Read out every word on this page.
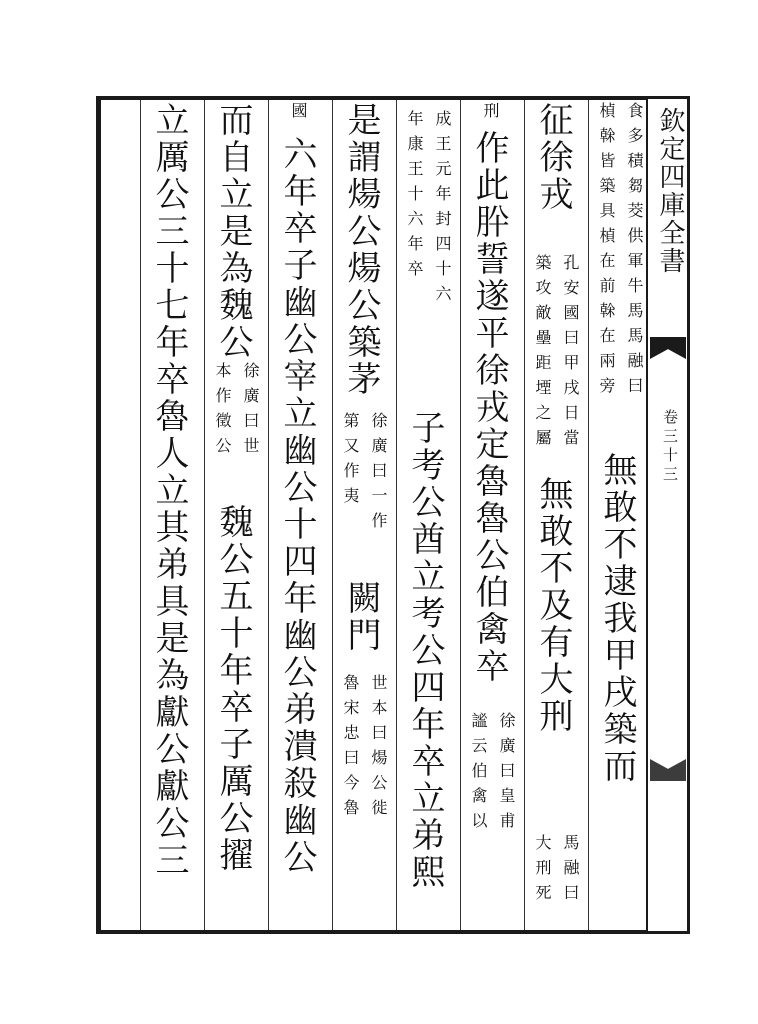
欽定四庫全書
卷三十三
食多積芻茭供軍牛馬馬融曰
楨榦皆築具楨在前榦在兩旁
無敢不逮我甲戌築而
征徐戎
孔安國曰甲戌日當
築攻敵壘距堙之屬
無敢不及有大刑
馬融曰
大刑死
刑
作此肸誓遂平徐戎定魯魯公伯禽卒
徐廣曰皇甫
謐云伯禽以
成王元年封四十六
年康王十六年卒
子考公酋立考公四年卒立弟熙
是謂煬公煬公築茅
徐廣曰一作
第又作夷
闕門
世本曰煬公徙
魯宋忠曰今魯
國
六年卒子幽公宰立幽公十四年幽公弟潰殺幽公
而自立是為魏公
徐廣曰世
本作徵公
魏公五十年卒子厲公擢
立厲公三十七年卒魯人立其弟具是為獻公獻公三
